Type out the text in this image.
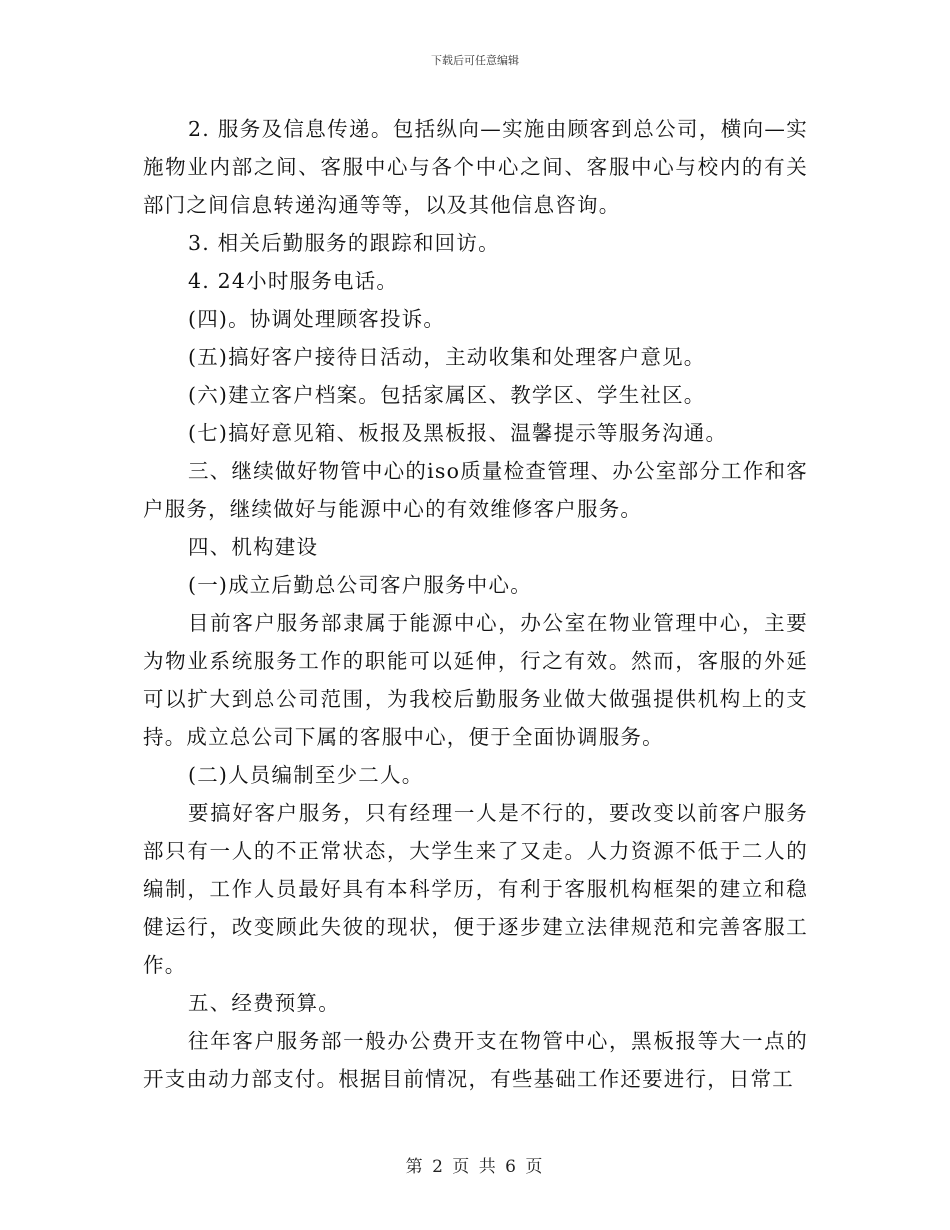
下载后可任意编辑

2. 服务及信息传递。包括纵向—实施由顾客到总公司，横向—实施物业内部之间、客服中心与各个中心之间、客服中心与校内的有关部门之间信息转递沟通等等，以及其他信息咨询。

3. 相关后勤服务的跟踪和回访。

4. 24小时服务电话。

(四)。协调处理顾客投诉。

(五)搞好客户接待日活动，主动收集和处理客户意见。

(六)建立客户档案。包括家属区、教学区、学生社区。

(七)搞好意见箱、板报及黑板报、温馨提示等服务沟通。

三、继续做好物管中心的iso质量检查管理、办公室部分工作和客户服务，继续做好与能源中心的有效维修客户服务。

四、机构建设

(一)成立后勤总公司客户服务中心。

目前客户服务部隶属于能源中心，办公室在物业管理中心，主要为物业系统服务工作的职能可以延伸，行之有效。然而，客服的外延可以扩大到总公司范围，为我校后勤服务业做大做强提供机构上的支持。成立总公司下属的客服中心，便于全面协调服务。

(二)人员编制至少二人。

要搞好客户服务，只有经理一人是不行的，要改变以前客户服务部只有一人的不正常状态，大学生来了又走。人力资源不低于二人的编制，工作人员最好具有本科学历，有利于客服机构框架的建立和稳健运行，改变顾此失彼的现状，便于逐步建立法律规范和完善客服工作。

五、经费预算。

往年客户服务部一般办公费开支在物管中心，黑板报等大一点的开支由动力部支付。根据目前情况，有些基础工作还要进行，日常工

第 2 页 共 6 页
